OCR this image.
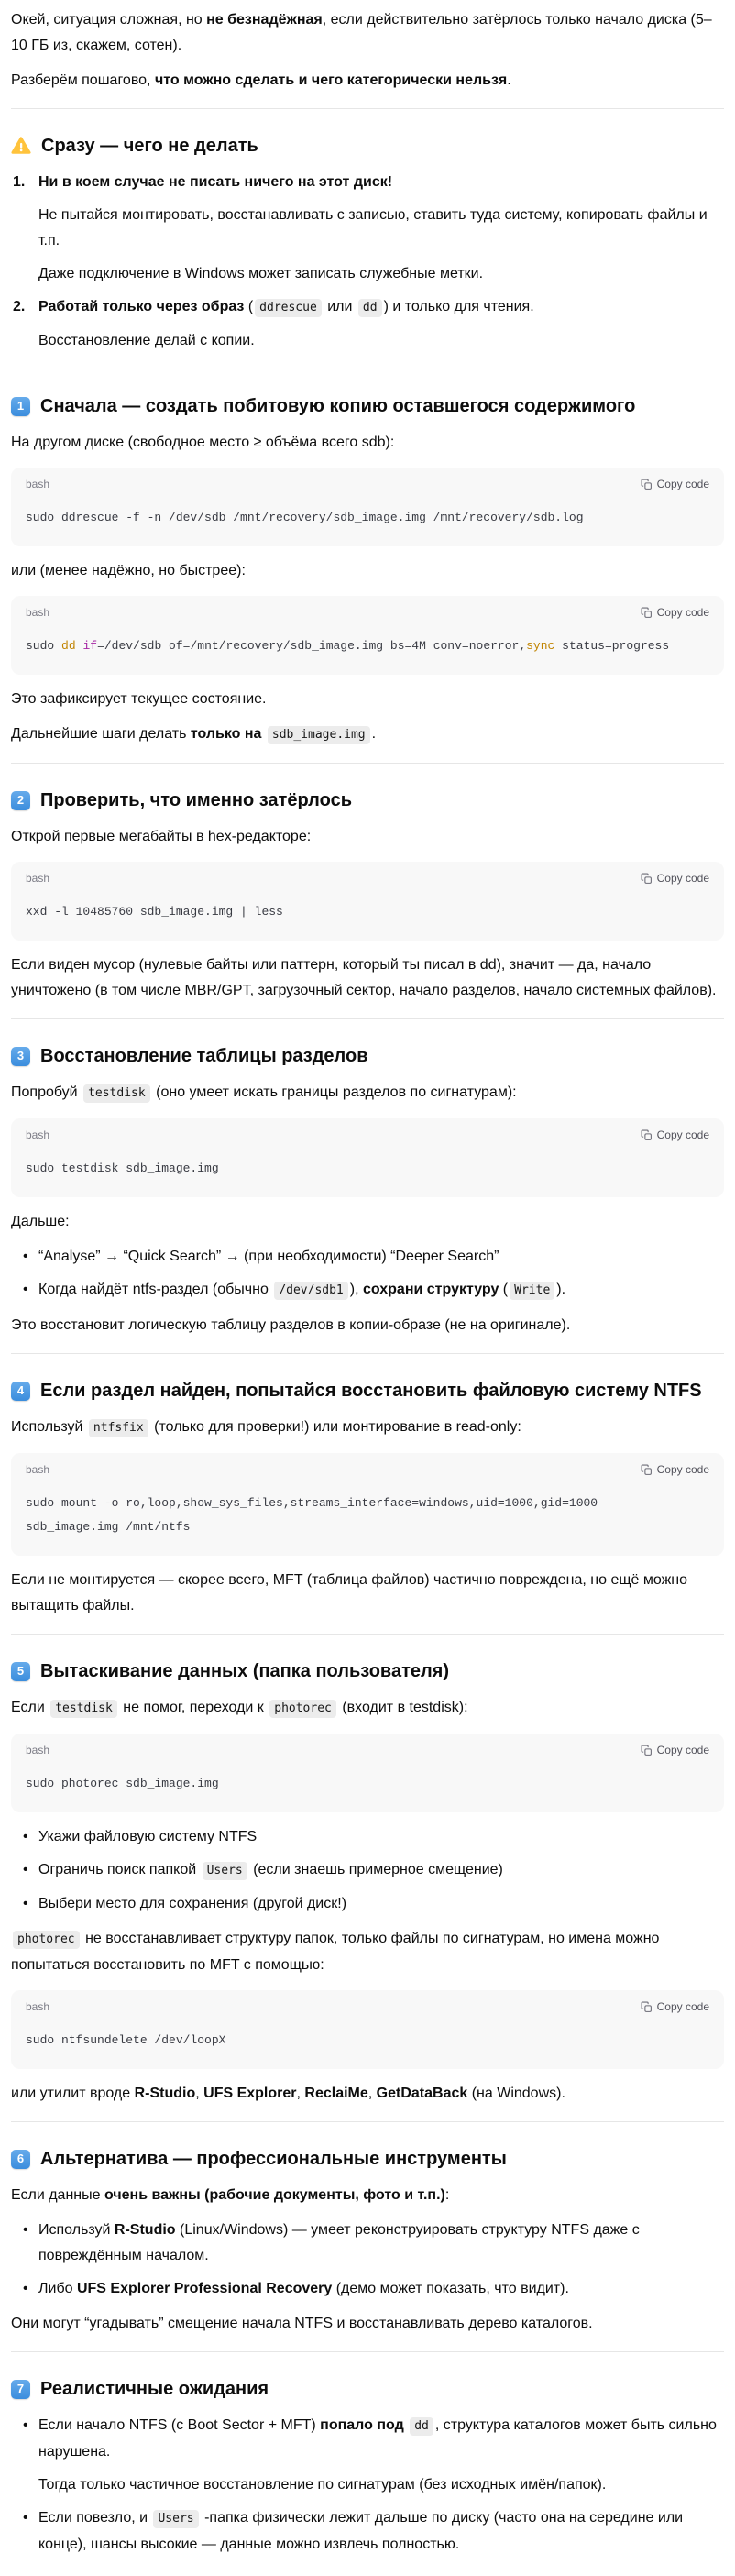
Окей, ситуация сложная, но не безнадёжная, если действительно затёрлось только начало диска (5–10 ГБ из, скажем, сотен).

Разберём пошагово, что можно сделать и чего категорически нельзя.

Сразу — чего не делать
1. Ни в коем случае не писать ничего на этот диск!

Не пытайся монтировать, восстанавливать с записью, ставить туда систему, копировать файлы и т.п.

Даже подключение в Windows может записать служебные метки.

2. Работай только через образ ( ddrescue или dd ) и только для чтения.

Восстановление делай с копии.

1 Сначала — создать побитовую копию оставшегося содержимого

На другом диске (свободное место ≥ объёма всего sdb):

bash	Copy code
sudo ddrescue -f -n /dev/sdb /mnt/recovery/sdb_image.img /mnt/recovery/sdb.log

или (менее надёжно, но быстрее):

bash	Copy code
sudo dd if=/dev/sdb of=/mnt/recovery/sdb_image.img bs=4M conv=noerror,sync status=progress

Это зафиксирует текущее состояние.

Дальнейшие шаги делать только на sdb_image.img .

2 Проверить, что именно затёрлось

Открой первые мегабайты в hex-редакторе:

bash	Copy code
xxd -l 10485760 sdb_image.img | less

Если виден мусор (нулевые байты или паттерн, который ты писал в dd), значит — да, начало уничтожено (в том числе MBR/GPT, загрузочный сектор, начало разделов, начало системных файлов).

3 Восстановление таблицы разделов

Попробуй testdisk (оно умеет искать границы разделов по сигнатурам):

bash	Copy code
sudo testdisk sdb_image.img

Дальше:

• “Analyse” → “Quick Search” → (при необходимости) “Deeper Search”

• Когда найдёт ntfs-раздел (обычно /dev/sdb1 ), сохрани структуру ( Write ).

Это восстановит логическую таблицу разделов в копии-образе (не на оригинале).

4 Если раздел найден, попытайся восстановить файловую систему NTFS

Используй ntfsfix (только для проверки!) или монтирование в read-only:

bash	Copy code
sudo mount -o ro,loop,show_sys_files,streams_interface=windows,uid=1000,gid=1000
sdb_image.img /mnt/ntfs

Если не монтируется — скорее всего, MFT (таблица файлов) частично повреждена, но ещё можно вытащить файлы.

5 Вытаскивание данных (папка пользователя)

Если testdisk не помог, переходи к photorec (входит в testdisk):

bash	Copy code
sudo photorec sdb_image.img

• Укажи файловую систему NTFS

• Ограничь поиск папкой Users (если знаешь примерное смещение)

• Выбери место для сохранения (другой диск!)

photorec не восстанавливает структуру папок, только файлы по сигнатурам, но имена можно попытаться восстановить по MFT с помощью:

bash	Copy code
sudo ntfsundelete /dev/loopX

или утилит вроде R-Studio, UFS Explorer, ReclaiMe, GetDataBack (на Windows).

6 Альтернатива — профессиональные инструменты

Если данные очень важны (рабочие документы, фото и т.п.):

• Используй R-Studio (Linux/Windows) — умеет реконструировать структуру NTFS даже с повреждённым началом.

• Либо UFS Explorer Professional Recovery (демо может показать, что видит).

Они могут “угадывать” смещение начала NTFS и восстанавливать дерево каталогов.

7 Реалистичные ожидания

• Если начало NTFS (с Boot Sector + MFT) попало под dd , структура каталогов может быть сильно нарушена.

Тогда только частичное восстановление по сигнатурам (без исходных имён/папок).

• Если повезло, и Users -папка физически лежит дальше по диску (часто она на середине или конце), шансы высокие — данные можно извлечь полностью.
